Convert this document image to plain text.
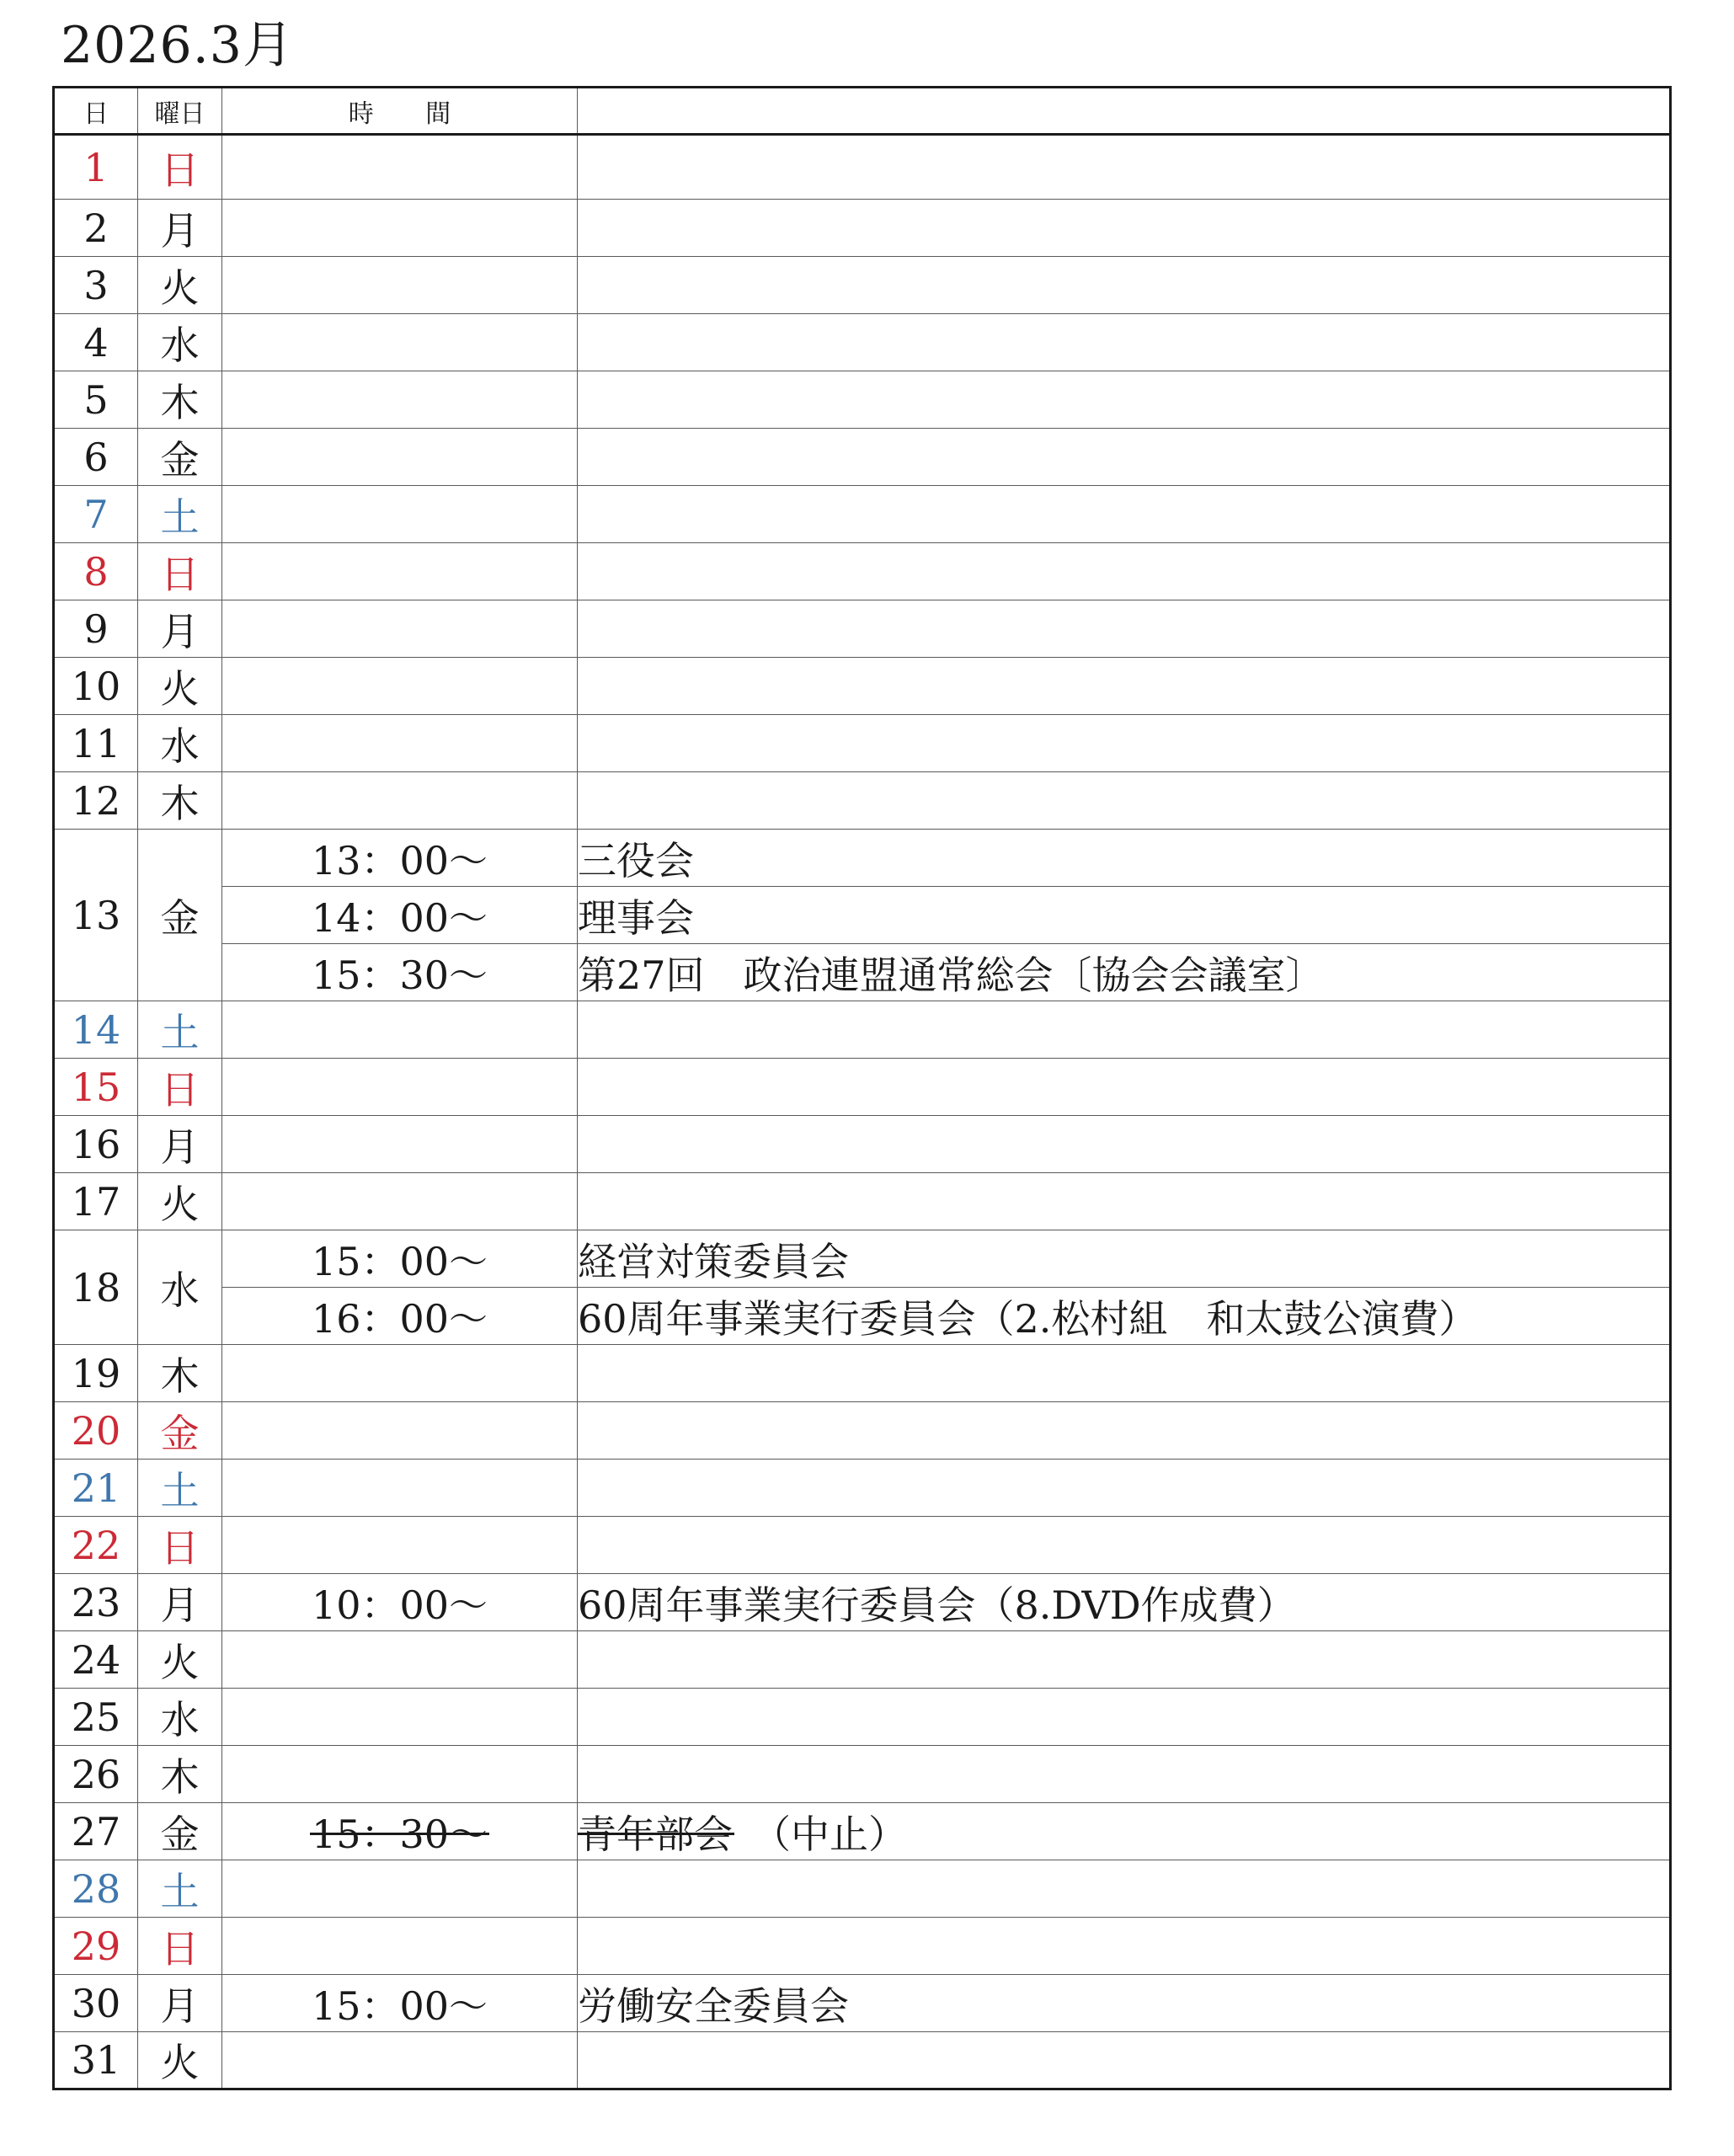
2026.3月
日	曜日	時 間	
1	日		
2	月		
3	火		
4	水		
5	木		
6	金		
7	土		
8	日		
9	月		
10	火		
11	水		
12	木		
13	金	13：00～	三役会
		14：00～	理事会
		15：30～	第27回　政治連盟通常総会〔協会会議室〕
14	土		
15	日		
16	月		
17	火		
18	水	15：00～	経営対策委員会
		16：00～	60周年事業実行委員会（2.松村組　和太鼓公演費）
19	木		
20	金		
21	土		
22	日		
23	月	10：00～	60周年事業実行委員会（8.DVD作成費）
24	火		
25	水		
26	木		
27	金	15：30～	青年部会　（中止）
28	土		
29	日		
30	月	15：00～	労働安全委員会
31	火		
